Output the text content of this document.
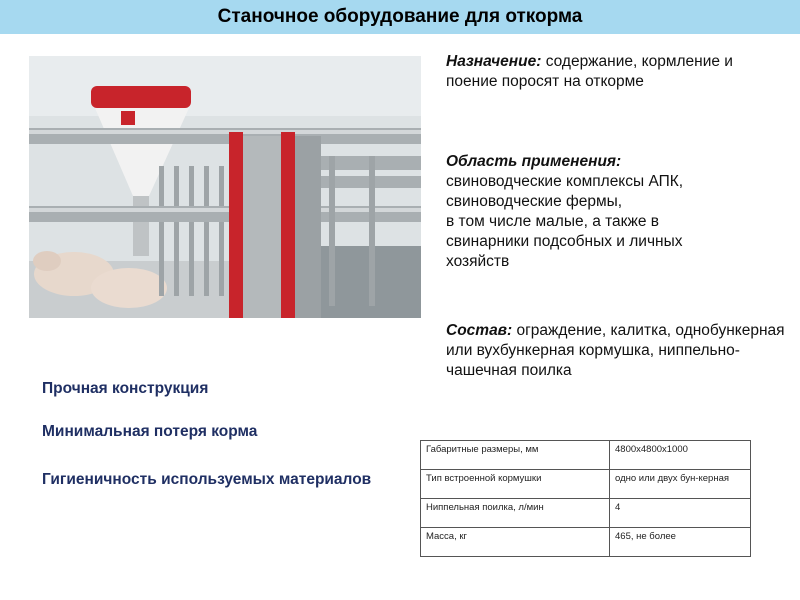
Станочное оборудование для откорма
Назначение: содержание, кормление и поение поросят на откорме
Область применения:
свиноводческие комплексы АПК,
свиноводческие фермы,
в том числе малые, а также в
свинарники подсобных и личных
хозяйств
Состав: ограждение, калитка, однобункерная или вухбункерная кормушка, ниппельно-чашечная поилка
Прочная конструкция
Минимальная потеря корма
Гигиеничность используемых материалов
Габаритные размеры, мм	4800x4800x1000
Тип встроенной кормушки	одно или двух бун-керная
Ниппельная поилка, л/мин	4
Масса, кг	465, не более
